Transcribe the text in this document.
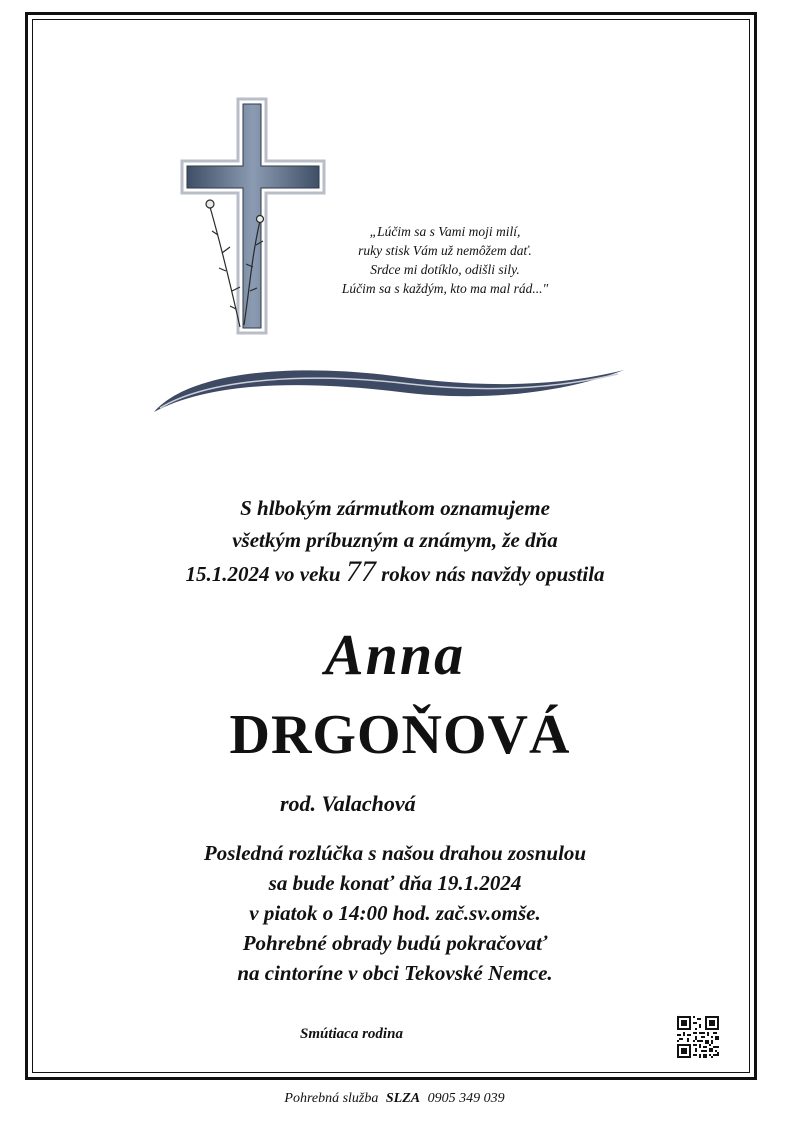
„Lúčim sa s Vami moji milí,
ruky stisk Vám už nemôžem dať.
Srdce mi dotíklo, odišli sily.
Lúčim sa s každým, kto ma mal rád..."
S hlbokým zármutkom oznamujeme
všetkým príbuzným a známym, že dňa
15.1.2024 vo veku 77 rokov nás navždy opustila
Anna
DRGOŇOVÁ
rod. Valachová
Posledná rozlúčka s našou drahou zosnulou
sa bude konať dňa 19.1.2024
v piatok o 14:00 hod. zač.sv.omše.
Pohrebné obrady budú pokračovať
na cintoríne v obci Tekovské Nemce.
Smútiaca rodina
Pohrebná služba SLZA 0905 349 039
